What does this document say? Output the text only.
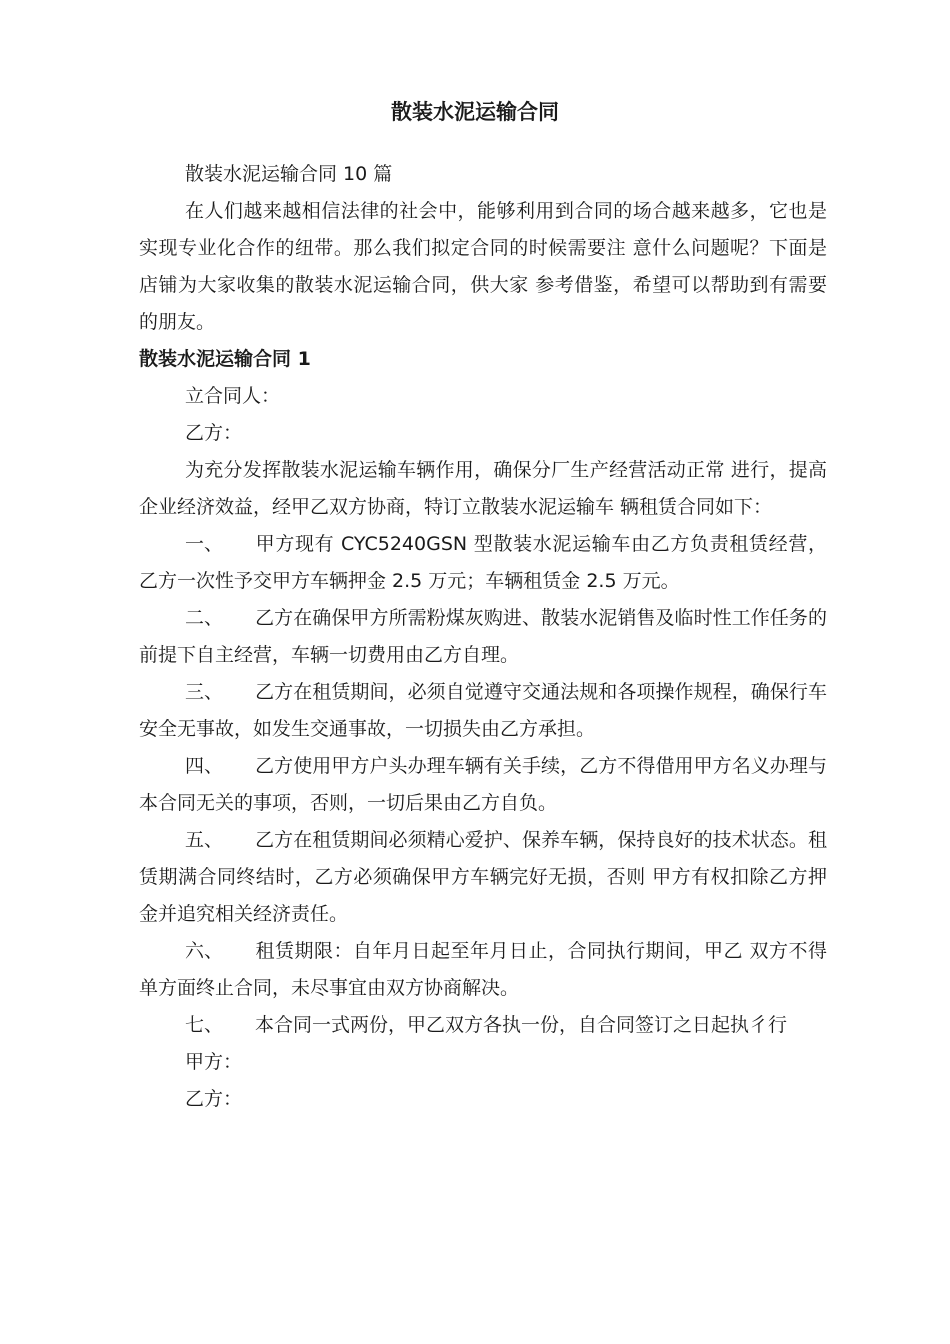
散装水泥运输合同

散装水泥运输合同 10 篇

在人们越来越相信法律的社会中，能够利用到合同的场合越来越多，它也是实现专业化合作的纽带。那么我们拟定合同的时候需要注 意什么问题呢？下面是店铺为大家收集的散装水泥运输合同，供大家 参考借鉴，希望可以帮助到有需要的朋友。

散装水泥运输合同 1

立合同人：

乙方：

为充分发挥散装水泥运输车辆作用，确保分厂生产经营活动正常 进行，提高企业经济效益，经甲乙双方协商，特订立散装水泥运输车 辆租赁合同如下：

一、 甲方现有 CYC5240GSN 型散装水泥运输车由乙方负责租赁经营，乙方一次性予交甲方车辆押金 2.5 万元；车辆租赁金 2.5 万元。

二、 乙方在确保甲方所需粉煤灰购进、散装水泥销售及临时性工作任务的前提下自主经营，车辆一切费用由乙方自理。

三、 乙方在租赁期间，必须自觉遵守交通法规和各项操作规程，确保行车安全无事故，如发生交通事故，一切损失由乙方承担。

四、 乙方使用甲方户头办理车辆有关手续，乙方不得借用甲方名义办理与本合同无关的事项，否则，一切后果由乙方自负。

五、 乙方在租赁期间必须精心爱护、保养车辆，保持良好的技术状态。租赁期满合同终结时，乙方必须确保甲方车辆完好无损，否则 甲方有权扣除乙方押金并追究相关经济责任。

六、 租赁期限：自年月日起至年月日止，合同执行期间，甲乙 双方不得单方面终止合同，未尽事宜由双方协商解决。

七、 本合同一式两份，甲乙双方各执一份，自合同签订之日起执彳行

甲方：

乙方：
